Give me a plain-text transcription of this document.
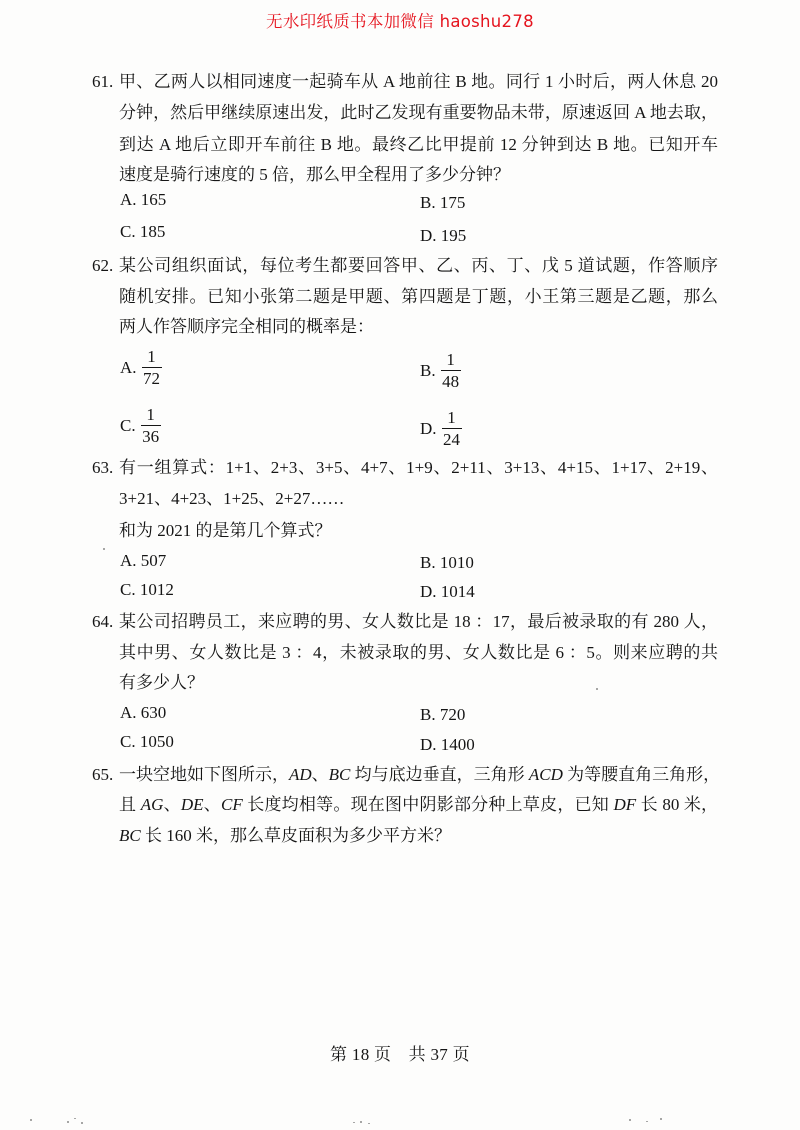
无水印纸质书本加微信 haoshu278
61. 甲、乙两人以相同速度一起骑车从 A 地前往 B 地。同行 1 小时后，两人休息 20
分钟，然后甲继续原速出发，此时乙发现有重要物品未带，原速返回 A 地去取，
到达 A 地后立即开车前往 B 地。最终乙比甲提前 12 分钟到达 B 地。已知开车
速度是骑行速度的 5 倍，那么甲全程用了多少分钟？
A. 165	B. 175
C. 185	D. 195
62. 某公司组织面试，每位考生都要回答甲、乙、丙、丁、戊 5 道试题，作答顺序
随机安排。已知小张第二题是甲题、第四题是丁题，小王第三题是乙题，那么
两人作答顺序完全相同的概率是：
A. $\frac{1}{72}$	B. $\frac{1}{48}$
C. $\frac{1}{36}$	D. $\frac{1}{24}$
63. 有一组算式：1+1、2+3、3+5、4+7、1+9、2+11、3+13、4+15、1+17、2+19、
3+21、4+23、1+25、2+27……
和为 2021 的是第几个算式？
A. 507	B. 1010
C. 1012	D. 1014
64. 某公司招聘员工，来应聘的男、女人数比是 18 ：17，最后被录取的有 280 人，
其中男、女人数比是 3 ：4，未被录取的男、女人数比是 6 ：5。则来应聘的共
有多少人？
A. 630	B. 720
C. 1050	D. 1400
65. 一块空地如下图所示，AD、BC 均与底边垂直，三角形 ACD 为等腰直角三角形，
且 AG、DE、CF 长度均相等。现在图中阴影部分种上草皮，已知 DF 长 80 米，
BC 长 160 米，那么草皮面积为多少平方米？
第 18 页　共 37 页
